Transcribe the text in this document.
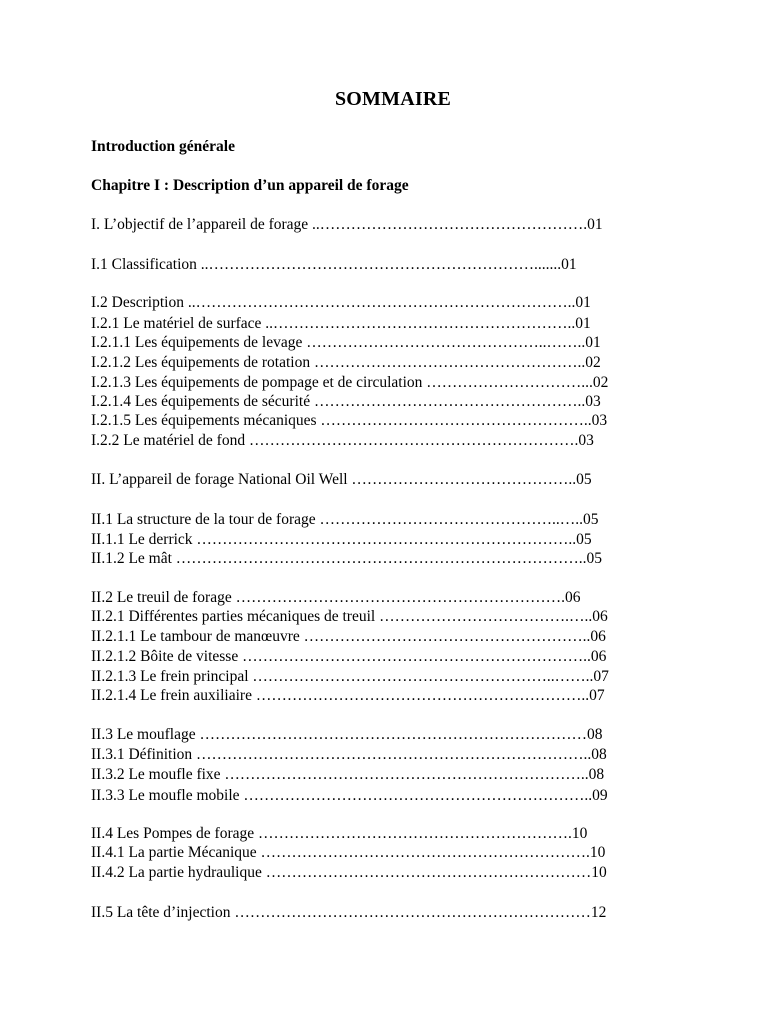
SOMMAIRE
Introduction générale
Chapitre I : Description d’un appareil de forage
I. L’objectif de l’appareil de forage ..…………………………………………….01
I.1 Classification ..……………………………………………………….......01
I.2 Description ..………………………………………………………………..01
I.2.1 Le matériel de surface ..…………………………………………………..01
I.2.1.1 Les équipements de levage ………………………………………..……..01
I.2.1.2 Les équipements de rotation ……………………………………………..02
I.2.1.3 Les équipements de pompage et de circulation …………………………...02
I.2.1.4 Les équipements de sécurité ……………………………………………..03
I.2.1.5 Les équipements mécaniques ……………………………………………..03
I.2.2 Le matériel de fond ……………………………………………………….03
II. L’appareil de forage National Oil Well ……………………………………..05
II.1 La structure de la tour de forage ………………………………………..…..05
II.1.1 Le derrick ………………………………………………………………..05
II.1.2 Le mât ……………………………………………………………………..05
II.2 Le treuil de forage ……………………………………………………….06
II.2.1 Différentes parties mécaniques de treuil ……………………………….…..06
II.2.1.1 Le tambour de manœuvre ………………………………………………..06
II.2.1.2 Bôite de vitesse …………………………………………………………..06
II.2.1.3 Le frein principal …………………………………………………..……..07
II.2.1.4 Le frein auxiliaire ………………………………………………………..07
II.3 Le mouflage …………………………………………………………………08
II.3.1 Définition …………………………………………………………………..08
II.3.2 Le moufle fixe ……………………………………………………………..08
II.3.3 Le moufle mobile …………………………………………………………..09
II.4 Les Pompes de forage …………………………………………………….10
II.4.1 La partie Mécanique ……………………………………………………….10
II.4.2 La partie hydraulique ………………………………………………………10
II.5 La tête d’injection ……………………………………………………………12
